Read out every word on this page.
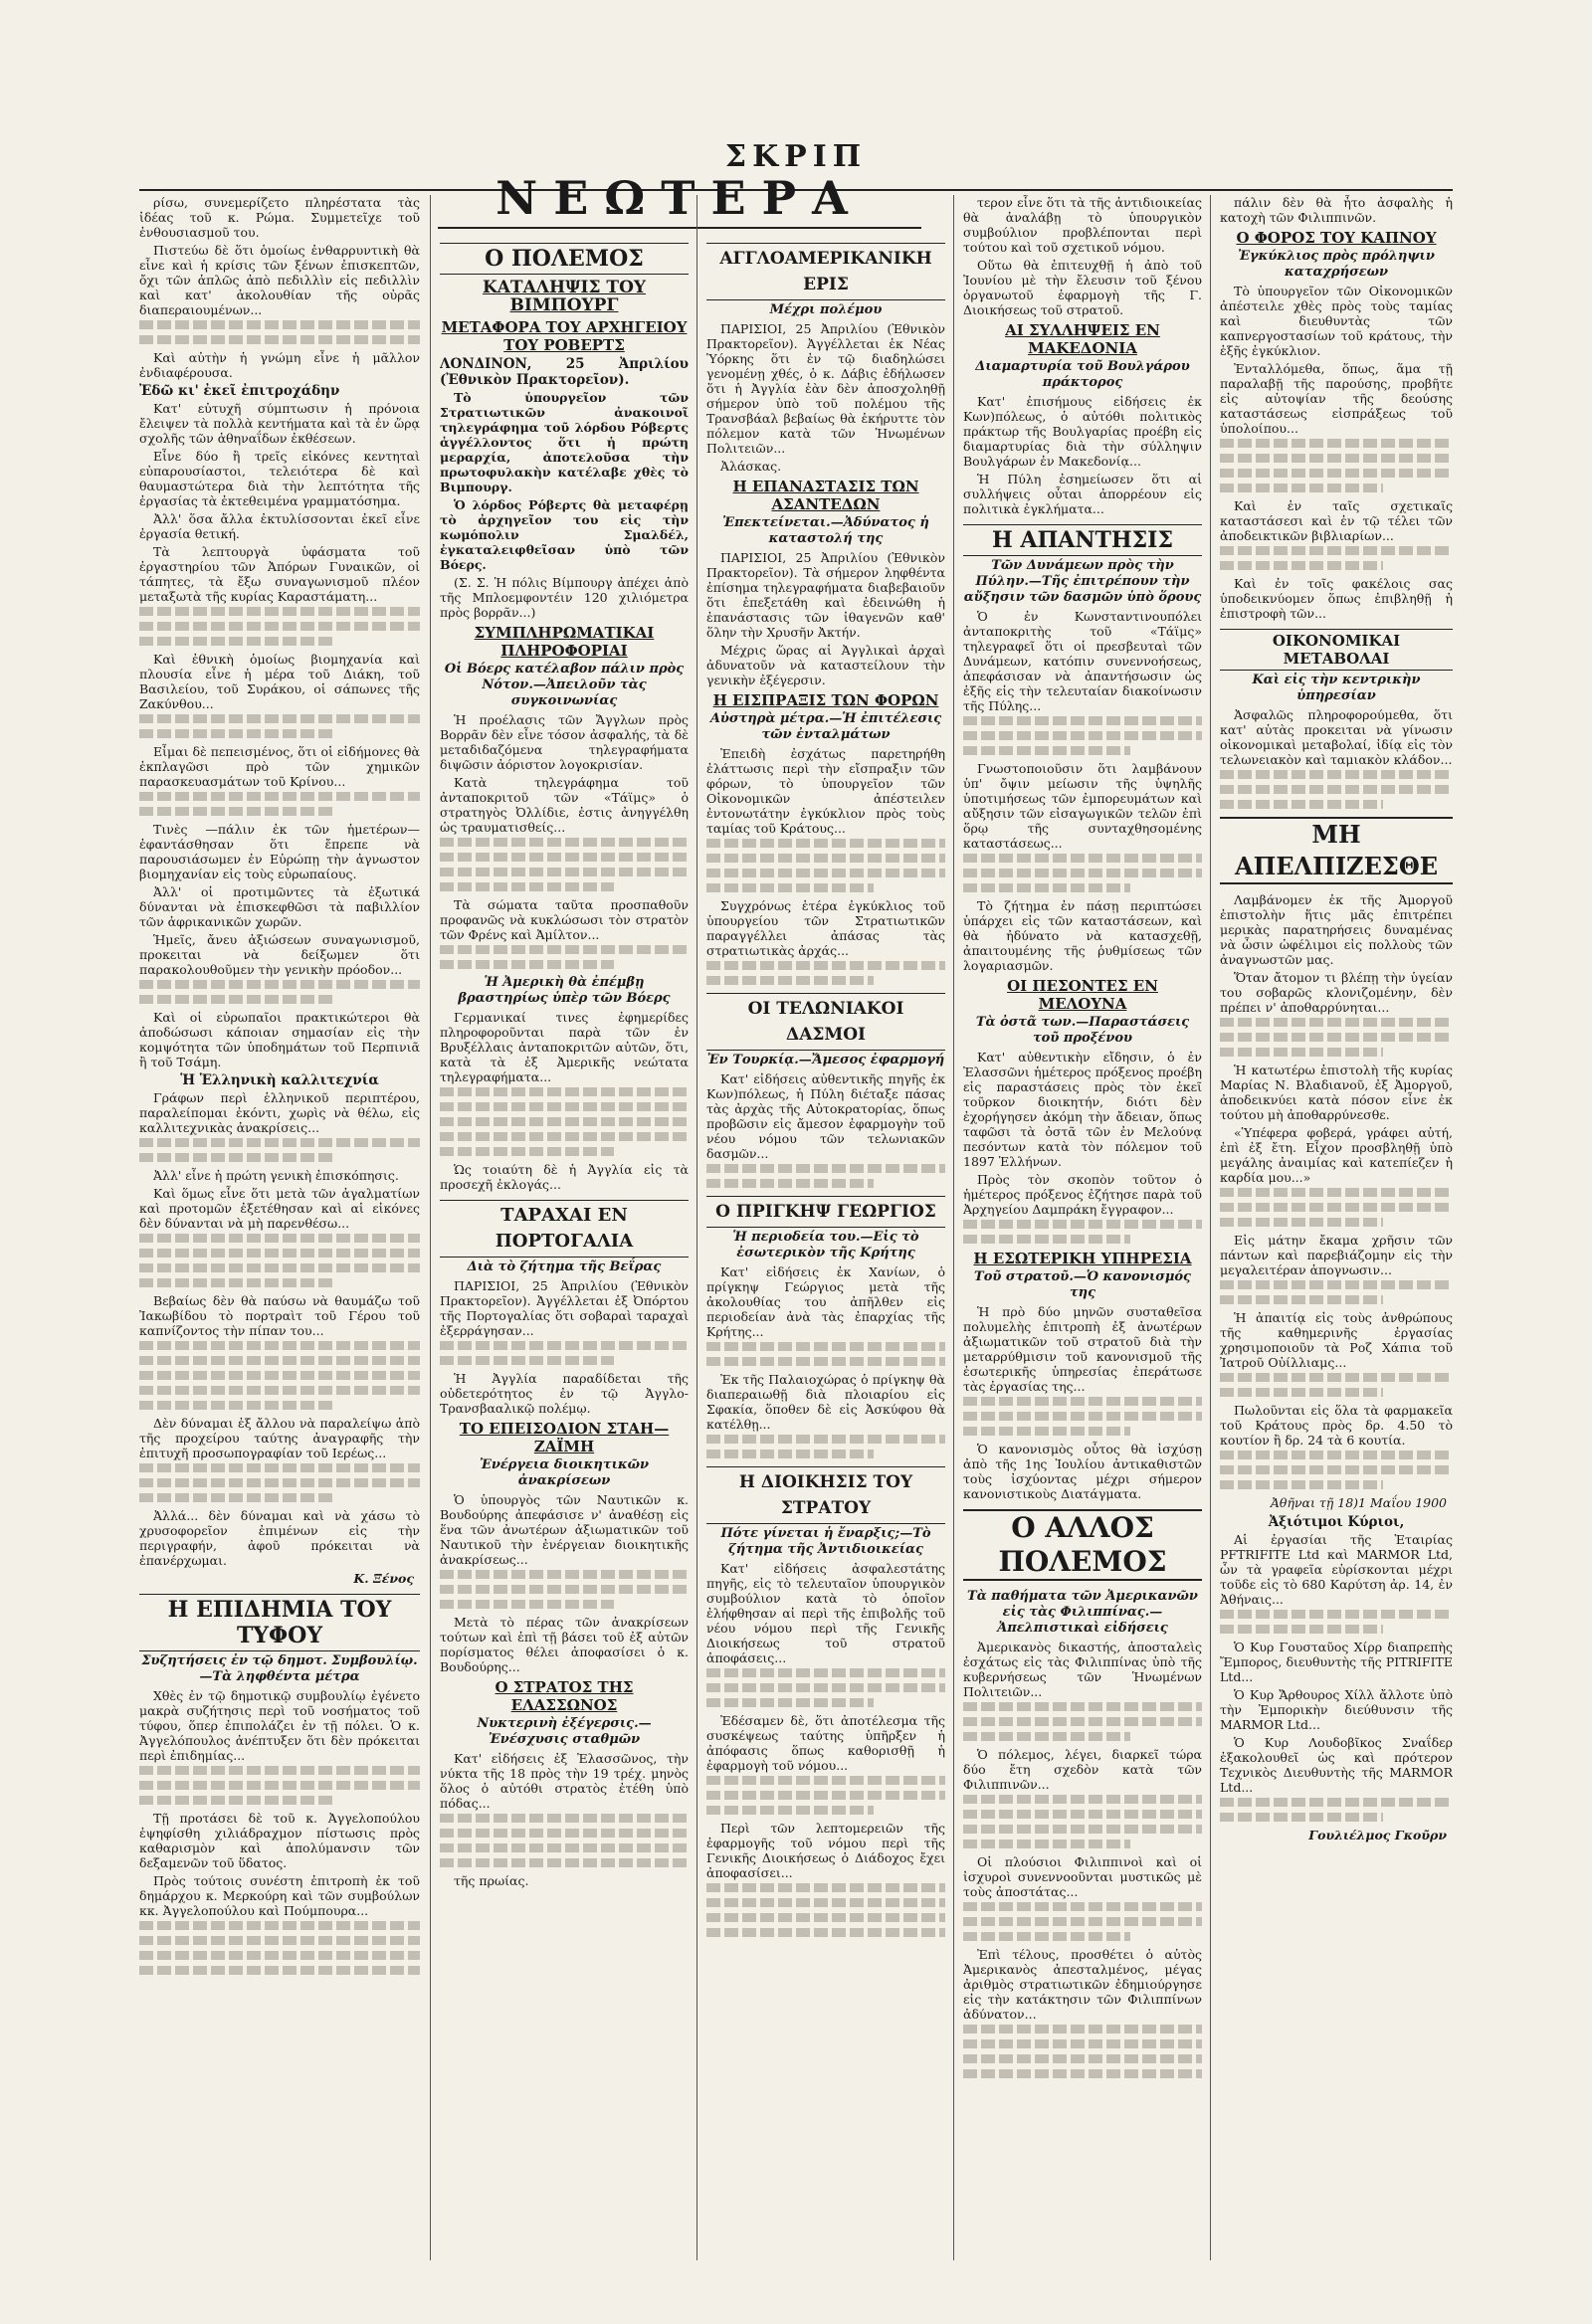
ΣΚΡΙΠ
ΝΕΩΤΕΡΑ

ρίσω, συνεμερίζετο πληρέστατα τὰς ἰδέας τοῦ κ. Ρώμα. Συμμετεῖχε τοῦ ἐνθουσιασμοῦ του.

Πιστεύω δὲ ὅτι ὁμοίως ἐνθαρρυντικὴ θὰ εἶνε καὶ ἡ κρίσις τῶν ξένων ἐπισκεπτῶν, ὄχι τῶν ἁπλῶς ἀπὸ πεδιλλὶν εἰς πεδιλλὶν καὶ κατ' ἀκολουθίαν τῆς οὐρᾶς διαπεραιουμένων...

Καὶ αὐτὴν ἡ γνώμη εἶνε ἡ μᾶλλον ἐνδιαφέρουσα.

Ἐδῶ κι' ἐκεῖ ἐπιτροχάδην

Κατ' εὐτυχῆ σύμπτωσιν ἡ πρόνοια ἔλειψεν τὰ πολλὰ κεντήματα καὶ τὰ ἐν ὥρᾳ σχολῆς τῶν ἀθηναΐδων ἐκθέσεων.

Εἶνε δύο ἢ τρεῖς εἰκόνες κεντηταὶ εὐπαρουσίαστοι, τελειότερα δὲ καὶ θαυμαστώτερα διὰ τὴν λεπτότητα τῆς ἐργασίας τὰ ἐκτεθειμένα γραμματόσημα.

Ἀλλ' ὅσα ἄλλα ἐκτυλίσσονται ἐκεῖ εἶνε ἐργασία θετική.

Τὰ λεπτουργὰ ὑφάσματα τοῦ ἐργαστηρίου τῶν Ἀπόρων Γυναικῶν, οἱ τάπητες, τὰ ἔξω συναγωνισμοῦ πλέον μεταξωτὰ τῆς κυρίας Καραστάματη...

Καὶ ἐθνικὴ ὁμοίως βιομηχανία καὶ πλουσία εἶνε ἡ μέρα τοῦ Διάκη, τοῦ Βασιλείου, τοῦ Συράκου, οἱ σάπωνες τῆς Ζακύνθου...

Εἶμαι δὲ πεπεισμένος, ὅτι οἱ εἰδήμονες θὰ ἐκπλαγῶσι πρὸ τῶν χημικῶν παρασκευασμάτων τοῦ Κρίνου...

Τινὲς —πάλιν ἐκ τῶν ἡμετέρων— ἐφαντάσθησαν ὅτι ἔπρεπε νὰ παρουσιάσωμεν ἐν Εὐρώπῃ τὴν ἀγνωστον βιομηχανίαν εἰς τοὺς εὐρωπαίους.

Ἀλλ' οἱ προτιμῶντες τὰ ἐξωτικά δύνανται νὰ ἐπισκεφθῶσι τὰ παβιλλίον τῶν ἀφρικανικῶν χωρῶν.

Ἡμεῖς, ἄνευ ἀξιώσεων συναγωνισμοῦ, προκειται νὰ δείξωμεν ὅτι παρακολουθοῦμεν τὴν γενικὴν πρόοδον...

Καὶ οἱ εὐρωπαῖοι πρακτικώτεροι θὰ ἀποδώσωσι κάποιαν σημασίαν εἰς τὴν κομψότητα τῶν ὑποδημάτων τοῦ Περπινιᾶ ἢ τοῦ Τσάμη.

Ἡ Ἑλληνικὴ καλλιτεχνία

Γράφων περὶ ἑλληνικοῦ περιπτέρου, παραλείπομαι ἐκόντι, χωρὶς νὰ θέλω, εἰς καλλιτεχνικὰς ἀνακρίσεις...

Ἀλλ' εἶνε ἡ πρώτη γενικὴ ἐπισκόπησις.

Καὶ ὅμως εἶνε ὅτι μετὰ τῶν ἀγαλματίων καὶ προτομῶν ἐξετέθησαν καὶ αἱ εἰκόνες δὲν δύνανται νὰ μὴ παρενθέσω...

Βεβαίως δὲν θὰ παύσω νὰ θαυμάζω τοῦ Ἰακωβίδου τὸ πορτραὶτ τοῦ Γέρου τοῦ καπνίζοντος τὴν πίπαν του...

Δὲν δύναμαι ἐξ ἄλλου νὰ παραλείψω ἀπὸ τῆς προχείρου ταύτης ἀναγραφῆς τὴν ἐπιτυχῆ προσωπογραφίαν τοῦ Ιερέως...

Ἀλλά... δὲν δύναμαι καὶ νὰ χάσω τὸ χρυσοφορεῖον ἐπιμένων εἰς τὴν περιγραφήν, ἀφοῦ πρόκειται νὰ ἐπανέρχωμαι.

Κ. Ξένος

Η ΕΠΙΔΗΜΙΑ ΤΟΥ ΤΥΦΟΥ

Συζητήσεις ἐν τῷ δημοτ. Συμβουλίῳ.—Τὰ ληφθέντα μέτρα

Χθὲς ἐν τῷ δημοτικῷ συμβουλίῳ ἐγένετο μακρὰ συζήτησις περὶ τοῦ νοσήματος τοῦ τύφου, ὅπερ ἐπιπολάζει ἐν τῇ πόλει. Ὁ κ. Ἀγγελόπουλος ἀνέπτυξεν ὅτι δὲν πρόκειται περὶ ἐπιδημίας...

Τῇ προτάσει δὲ τοῦ κ. Ἀγγελοπούλου ἐψηφίσθη χιλιάδραχμον πίστωσις πρὸς καθαρισμὸν καὶ ἀπολύμανσιν τῶν δεξαμενῶν τοῦ ὕδατος.

Πρὸς τούτοις συνέστη ἐπιτροπὴ ἐκ τοῦ δημάρχου κ. Μερκούρη καὶ τῶν συμβούλων κκ. Ἀγγελοπούλου καὶ Πούμπουρα...

Ο ΠΟΛΕΜΟΣ
ΚΑΤΑΛΗΨΙΣ ΤΟΥ ΒΙΜΠΟΥΡΓ
ΜΕΤΑΦΟΡΑ ΤΟΥ ΑΡΧΗΓΕΙΟΥ ΤΟΥ ΡΟΒΕΡΤΣ

ΛΟΝΔΙΝΟΝ, 25 Ἀπριλίου (Ἐθνικὸν Πρακτορεῖον).

Τὸ ὑπουργεῖον τῶν Στρατιωτικῶν ἀνακοινοῖ τηλεγράφημα τοῦ λόρδου Ρόβερτς ἀγγέλλοντος ὅτι ἡ πρώτη μεραρχία, ἀποτελοῦσα τὴν πρωτοφυλακὴν κατέλαβε χθὲς τὸ Βιμπουργ.

Ὁ λόρδος Ρόβερτς θὰ μεταφέρῃ τὸ ἀρχηγεῖον του εἰς τὴν κωμόπολιν Σμαλδέλ, ἐγκαταλειφθεῖσαν ὑπὸ τῶν Βόερς.

(Σ. Σ. Ἡ πόλις Βίμπουργ ἀπέχει ἀπὸ τῆς Μπλοεμφοντέιν 120 χιλιόμετρα πρὸς βορρᾶν...)

ΣΥΜΠΛΗΡΩΜΑΤΙΚΑΙ ΠΛΗΡΟΦΟΡΙΑΙ

Οἱ Βόερς κατέλαβον πάλιν πρὸς Νότον.—Ἀπειλοῦν τὰς συγκοινωνίας

Ἡ προέλασις τῶν Ἄγγλων πρὸς Βορρᾶν δὲν εἶνε τόσον ἀσφαλής, τὰ δὲ μεταδιδαζόμενα τηλεγραφήματα διψῶσιν ἀόριστον λογοκρισίαν.

Κατὰ τηλεγράφημα τοῦ ἀνταποκριτοῦ τῶν «Τάϊμς» ὁ στρατηγὸς Ὀλλίδιε, ἐστις ἀνηγγέλθη ὡς τραυματισθείς...

Τὰ σώματα ταῦτα προσπαθοῦν προφανῶς νὰ κυκλώσωσι τὸν στρατὸν τῶν Φρένς καὶ Ἀμίλτον...

Ἡ Ἀμερικὴ θὰ ἐπέμβῃ βραστηρίως ὑπὲρ τῶν Βόερς

Γερμανικαί τινες ἐφημερίδες πληροφοροῦνται παρὰ τῶν ἐν Βρυξέλλαις ἀνταποκριτῶν αὐτῶν, ὅτι, κατὰ τὰ ἐξ Ἀμερικῆς νεώτατα τηλεγραφήματα...

Ὡς τοιαύτη δὲ ἡ Ἀγγλία εἰς τὰ προσεχῆ ἐκλογάς...

ΤΑΡΑΧΑΙ ΕΝ ΠΟΡΤΟΓΑΛΙΑ

Διὰ τὸ ζήτημα τῆς Βεΐρας

ΠΑΡΙΣΙΟΙ, 25 Ἀπριλίου (Ἐθνικὸν Πρακτορεῖον). Ἀγγέλλεται ἐξ Ὀπόρτου τῆς Πορτογαλίας ὅτι σοβαραὶ ταραχαὶ ἐξερράγησαν...

Ἡ Ἀγγλία παραδίδεται τῆς οὐδετερότητος ἐν τῷ Ἀγγλο-Τρανσβααλικῷ πολέμῳ.

ΤΟ ΕΠΕΙΣΟΔΙΟΝ ΣΤΑΗ—ΖΑΪΜΗ

Ἐνέργεια διοικητικῶν ἀνακρίσεων

Ὁ ὑπουργὸς τῶν Ναυτικῶν κ. Βουδούρης ἀπεφάσισε ν' ἀναθέσῃ εἰς ἕνα τῶν ἀνωτέρων ἀξιωματικῶν τοῦ Ναυτικοῦ τὴν ἐνέργειαν διοικητικῆς ἀνακρίσεως...

Μετὰ τὸ πέρας τῶν ἀνακρίσεων τούτων καὶ ἐπὶ τῇ βάσει τοῦ ἐξ αὐτῶν πορίσματος θέλει ἀποφασίσει ὁ κ. Βουδούρης...

Ο ΣΤΡΑΤΟΣ ΤΗΣ ΕΛΑΣΣΩΝΟΣ

Νυκτερινὴ ἐξέγερσις.—Ἐνέσχυσις σταθμῶν

Κατ' εἰδήσεις ἐξ Ἐλασσῶνος, τὴν νύκτα τῆς 18 πρὸς τὴν 19 τρέχ. μηνὸς ὅλος ὁ αὐτόθι στρατὸς ἐτέθη ὑπὸ πόδας...

τῆς πρωίας.

ΑΓΓΛΟΑΜΕΡΙΚΑΝΙΚΗ ΕΡΙΣ

Μέχρι πολέμου

ΠΑΡΙΣΙΟΙ, 25 Ἀπριλίου (Ἐθνικὸν Πρακτορεῖον). Ἀγγέλλεται ἐκ Νέας Ὑόρκης ὅτι ἐν τῷ διαδηλώσει γενομένῃ χθές, ὁ κ. Δάβις ἐδήλωσεν ὅτι ἡ Ἀγγλία ἐὰν δὲν ἀποσχοληθῇ σήμερον ὑπὸ τοῦ πολέμου τῆς Τρανσβάαλ βεβαίως θὰ ἐκήρυττε τὸν πόλεμον κατὰ τῶν Ἡνωμένων Πολιτειῶν...

Ἀλάσκας.

Η ΕΠΑΝΑΣΤΑΣΙΣ ΤΩΝ ΑΣΑΝΤΕΔΩΝ

Ἐπεκτείνεται.—Ἀδύνατος ἡ καταστολή της

ΠΑΡΙΣΙΟΙ, 25 Ἀπριλίου (Ἐθνικὸν Πρακτορεῖον). Τὰ σήμερον ληφθέντα ἐπίσημα τηλεγραφήματα διαβεβαιοῦν ὅτι ἐπεξετάθη καὶ ἐδεινώθη ἡ ἐπανάστασις τῶν ἰθαγενῶν καθ' ὅλην τὴν Χρυσῆν Ἀκτήν.

Μέχρις ὥρας αἱ Ἀγγλικαὶ ἀρχαὶ ἀδυνατοῦν νὰ καταστείλουν τὴν γενικὴν ἐξέγερσιν.

Η ΕΙΣΠΡΑΞΙΣ ΤΩΝ ΦΟΡΩΝ

Αὐστηρὰ μέτρα.—Ἡ ἐπιτέλεσις τῶν ἐνταλμάτων

Ἐπειδὴ ἐσχάτως παρετηρήθη ἐλάττωσις περὶ τὴν εἴσπραξιν τῶν φόρων, τὸ ὑπουργεῖον τῶν Οἰκονομικῶν ἀπέστειλεν ἐντονωτάτην ἐγκύκλιον πρὸς τοὺς ταμίας τοῦ Κράτους...

Συγχρόνως ἑτέρα ἐγκύκλιος τοῦ ὑπουργείου τῶν Στρατιωτικῶν παραγγέλλει ἀπάσας τὰς στρατιωτικὰς ἀρχάς...

ΟΙ ΤΕΛΩΝΙΑΚΟΙ ΔΑΣΜΟΙ

Ἐν Τουρκίᾳ.—Ἄμεσος ἐφαρμογή

Κατ' εἰδήσεις αὐθεντικῆς πηγῆς ἐκ Κων)πόλεως, ἡ Πύλη διέταξε πάσας τὰς ἀρχὰς τῆς Αὐτοκρατορίας, ὅπως προβῶσιν εἰς ἄμεσον ἐφαρμογὴν τοῦ νέου νόμου τῶν τελωνιακῶν δασμῶν...

Ο ΠΡΙΓΚΗΨ ΓΕΩΡΓΙΟΣ

Ἡ περιοδεία του.—Εἰς τὸ ἐσωτερικὸν τῆς Κρήτης

Κατ' εἰδήσεις ἐκ Χανίων, ὁ πρίγκηψ Γεώργιος μετὰ τῆς ἀκολουθίας του ἀπῆλθεν εἰς περιοδείαν ἀνὰ τὰς ἐπαρχίας τῆς Κρήτης...

Ἐκ τῆς Παλαιοχώρας ὁ πρίγκηψ θὰ διαπεραιωθῇ διὰ πλοιαρίου εἰς Σφακία, ὅποθεν δὲ εἰς Ἀσκύφου θὰ κατέλθῃ...

Η ΔΙΟΙΚΗΣΙΣ ΤΟΥ ΣΤΡΑΤΟΥ

Πότε γίνεται ἡ ἔναρξις;—Τὸ ζήτημα τῆς Ἀντιδιοικείας

Κατ' εἰδήσεις ἀσφαλεστάτης πηγῆς, εἰς τὸ τελευταῖον ὑπουργικὸν συμβούλιον κατὰ τὸ ὁποῖον ἐλήφθησαν αἱ περὶ τῆς ἐπιβολῆς τοῦ νέου νόμου περὶ τῆς Γενικῆς Διοικήσεως τοῦ στρατοῦ ἀποφάσεις...

Ἐδέσαμεν δὲ, ὅτι ἀποτέλεσμα τῆς συσκέψεως ταύτης ὑπῆρξεν ἡ ἀπόφασις ὅπως καθορισθῇ ἡ ἐφαρμογὴ τοῦ νόμου...

Περὶ τῶν λεπτομερειῶν τῆς ἐφαρμογῆς τοῦ νόμου περὶ τῆς Γενικῆς Διοικήσεως ὁ Διάδοχος ἔχει ἀποφασίσει...

τερον εἶνε ὅτι τὰ τῆς ἀντιδιοικείας θὰ ἀναλάβῃ τὸ ὑπουργικὸν συμβούλιον προβλέπονται περὶ τούτου καὶ τοῦ σχετικοῦ νόμου.

Οὕτω θὰ ἐπιτευχθῇ ἡ ἀπὸ τοῦ Ἰουνίου μὲ τὴν ἔλευσιν τοῦ ξένου ὀργανωτοῦ ἐφαρμογὴ τῆς Γ. Διοικήσεως τοῦ στρατοῦ.

ΑΙ ΣΥΛΛΗΨΕΙΣ ΕΝ ΜΑΚΕΔΟΝΙΑ

Διαμαρτυρία τοῦ Βουλγάρου πράκτορος

Κατ' ἐπισήμους εἰδήσεις ἐκ Κων)πόλεως, ὁ αὐτόθι πολιτικὸς πράκτωρ τῆς Βουλγαρίας προέβη εἰς διαμαρτυρίας διὰ τὴν σύλληψιν Βουλγάρων ἐν Μακεδονίᾳ...

Ἡ Πύλη ἐσημείωσεν ὅτι αἱ συλλήψεις οὗται ἀπορρέουν εἰς πολιτικὰ ἐγκλήματα...

Η ΑΠΑΝΤΗΣΙΣ

Τῶν Δυνάμεων πρὸς τὴν Πύλην.—Τῆς ἐπιτρέπουν τὴν αὔξησιν τῶν δασμῶν ὑπὸ ὅρους

Ὁ ἐν Κωνσταντινουπόλει ἀνταποκριτὴς τοῦ «Τάϊμς» τηλεγραφεῖ ὅτι οἱ πρεσβευταὶ τῶν Δυνάμεων, κατόπιν συνεννοήσεως, ἀπεφάσισαν νὰ ἀπαντήσωσιν ὡς ἑξῆς εἰς τὴν τελευταίαν διακοίνωσιν τῆς Πύλης...

Γνωστοποιοῦσιν ὅτι λαμβάνουν ὑπ' ὄψιν μείωσιν τῆς ὑψηλῆς ὑποτιμήσεως τῶν ἐμπορευμάτων καὶ αὔξησιν τῶν εἰσαγωγικῶν τελῶν ἐπὶ ὅρῳ τῆς συνταχθησομένης καταστάσεως...

Τὸ ζήτημα ἐν πάσῃ περιπτώσει ὑπάρχει εἰς τῶν καταστάσεων, καὶ θὰ ἠδύνατο νὰ κατασχεθῇ, ἀπαιτουμένης τῆς ῥυθμίσεως τῶν λογαριασμῶν.

ΟΙ ΠΕΣΟΝΤΕΣ ΕΝ ΜΕΛΟΥΝΑ

Τὰ ὀστᾶ των.—Παραστάσεις τοῦ προξένου

Κατ' αὐθεντικὴν εἴδησιν, ὁ ἐν Ἐλασσῶνι ἡμέτερος πρόξενος προέβη εἰς παραστάσεις πρὸς τὸν ἐκεῖ τοῦρκον διοικητήν, διότι δὲν ἐχορήγησεν ἀκόμη τὴν ἄδειαν, ὅπως ταφῶσι τὰ ὀστᾶ τῶν ἐν Μελούνᾳ πεσόντων κατὰ τὸν πόλεμον τοῦ 1897 Ἑλλήνων.

Πρὸς τὸν σκοπὸν τοῦτον ὁ ἡμέτερος πρόξενος ἐζήτησε παρὰ τοῦ Ἀρχηγείου Δαμπράκη ἔγγραφον...

Η ΕΣΩΤΕΡΙΚΗ ΥΠΗΡΕΣΙΑ

Τοῦ στρατοῦ.—Ὁ κανονισμός της

Ἡ πρὸ δύο μηνῶν συσταθεῖσα πολυμελὴς ἐπιτροπὴ ἐξ ἀνωτέρων ἀξιωματικῶν τοῦ στρατοῦ διὰ τὴν μεταρρύθμισιν τοῦ κανονισμοῦ τῆς ἐσωτερικῆς ὑπηρεσίας ἐπεράτωσε τὰς ἐργασίας της...

Ὁ κανονισμὸς οὗτος θὰ ἰσχύσῃ ἀπὸ τῆς 1ης Ἰουλίου ἀντικαθιστῶν τοὺς ἰσχύοντας μέχρι σήμερον κανονιστικοὺς Διατάγματα.

Ο ΑΛΛΟΣ ΠΟΛΕΜΟΣ

Τὰ παθήματα τῶν Ἀμερικανῶν εἰς τὰς Φιλιππίνας.—Ἀπελπιστικαὶ εἰδήσεις

Ἀμερικανὸς δικαστής, ἀποσταλεὶς ἐσχάτως εἰς τὰς Φιλιππίνας ὑπὸ τῆς κυβερνήσεως τῶν Ἡνωμένων Πολιτειῶν...

Ὁ πόλεμος, λέγει, διαρκεῖ τώρα δύο ἔτη σχεδὸν κατὰ τῶν Φιλιππινῶν...

Οἱ πλούσιοι Φιλιππινοὶ καὶ οἱ ἰσχυροὶ συνεννοοῦνται μυστικῶς μὲ τοὺς ἀποστάτας...

Ἐπὶ τέλους, προσθέτει ὁ αὐτὸς Ἀμερικανὸς ἀπεσταλμένος, μέγας ἀριθμὸς στρατιωτικῶν ἐδημιούργησε εἰς τὴν κατάκτησιν τῶν Φιλιππίνων ἀδύνατον...

πάλιν δὲν θὰ ἦτο ἀσφαλὴς ἡ κατοχὴ τῶν Φιλιππινῶν.

Ο ΦΟΡΟΣ ΤΟΥ ΚΑΠΝΟΥ

Ἐγκύκλιος πρὸς πρόληψιν καταχρήσεων

Τὸ ὑπουργεῖον τῶν Οἰκονομικῶν ἀπέστειλε χθὲς πρὸς τοὺς ταμίας καὶ διευθυντὰς τῶν καπνεργοστασίων τοῦ κράτους, τὴν ἑξῆς ἐγκύκλιον.

Ἐνταλλόμεθα, ὅπως, ἅμα τῇ παραλαβῇ τῆς παρούσης, προβῆτε εἰς αὐτοψίαν τῆς δεούσης καταστάσεως εἰσπράξεως τοῦ ὑπολοίπου...

Καὶ ἐν ταῖς σχετικαῖς καταστάσεσι καὶ ἐν τῷ τέλει τῶν ἀποδεικτικῶν βιβλιαρίων...

Καὶ ἐν τοῖς φακέλοις σας ὑποδεικνύομεν ὅπως ἐπιβληθῇ ἡ ἐπιστροφὴ τῶν...

ΟΙΚΟΝΟΜΙΚΑΙ ΜΕΤΑΒΟΛΑΙ

Καὶ εἰς τὴν κεντρικὴν ὑπηρεσίαν

Ἀσφαλῶς πληροφορούμεθα, ὅτι κατ' αὐτὰς προκειται νὰ γίνωσιν οἰκονομικαὶ μεταβολαί, ἰδίᾳ εἰς τὸν τελωνειακὸν καὶ ταμιακὸν κλάδον...

ΜΗ ΑΠΕΛΠΙΖΕΣΘΕ

Λαμβάνομεν ἐκ τῆς Ἀμοργοῦ ἐπιστολὴν ἥτις μᾶς ἐπιτρέπει μερικὰς παρατηρήσεις δυναμένας νὰ ὦσιν ὠφέλιμοι εἰς πολλοὺς τῶν ἀναγνωστῶν μας.

Ὅταν ἄτομον τι βλέπῃ τὴν ὑγείαν του σοβαρῶς κλονιζομένην, δὲν πρέπει ν' ἀποθαρρύνηται...

Ἡ κατωτέρω ἐπιστολὴ τῆς κυρίας Μαρίας Ν. Βλαδιανοῦ, ἐξ Ἀμοργοῦ, ἀποδεικνύει κατὰ πόσον εἶνε ἐκ τούτου μὴ ἀποθαρρύνεσθε.

«Ὑπέφερα φοβερά, γράφει αὐτή, ἐπὶ ἐξ ἔτη. Εἶχον προσβληθῇ ὑπὸ μεγάλης ἀναιμίας καὶ κατεπίεζεν ἡ καρδία μου...»

Εἰς μάτην ἔκαμα χρῆσιν τῶν πάντων καὶ παρεβιάζομην εἰς τὴν μεγαλειτέραν ἀπογνωσιν...

Ἡ ἀπαιτίᾳ εἰς τοὺς ἀνθρώπους τῆς καθημερινῆς ἐργασίας χρησιμοποιοῦν τὰ Ροζ Χάπια τοῦ Ἰατροῦ Οὐίλλιαμς...

Πωλοῦνται εἰς ὅλα τὰ φαρμακεῖα τοῦ Κράτους πρὸς δρ. 4.50 τὸ κουτίον ἢ δρ. 24 τὰ 6 κουτία.

Ἀθῆναι τῇ 18)1 Μαΐου 1900

Ἀξιότιμοι Κύριοι,

Αἱ ἐργασίαι τῆς Ἑταιρίας PFTRIFITE Ltd καὶ MARMOR Ltd, ὧν τὰ γραφεῖα εὑρίσκονται μέχρι τοῦδε εἰς τὸ 680 Καρύτση ἀρ. 14, ἐν Ἀθήναις...

Ὁ Κυρ Γουσταῦος Χίρρ διαπρεπὴς Ἔμπορος, διευθυντὴς τῆς PITRIFITE Ltd...

Ὁ Κυρ Ἄρθουρος Χίλλ ἄλλοτε ὑπὸ τὴν Ἑμπορικὴν διεύθυνσιν τῆς MARMOR Ltd...

Ὁ Κυρ Λουδοβῖκος Σναΐδερ ἐξακολουθεῖ ὡς καὶ πρότερον Τεχνικὸς Διευθυντὴς τῆς MARMOR Ltd...

Γουλιέλμος Γκοῦρν
